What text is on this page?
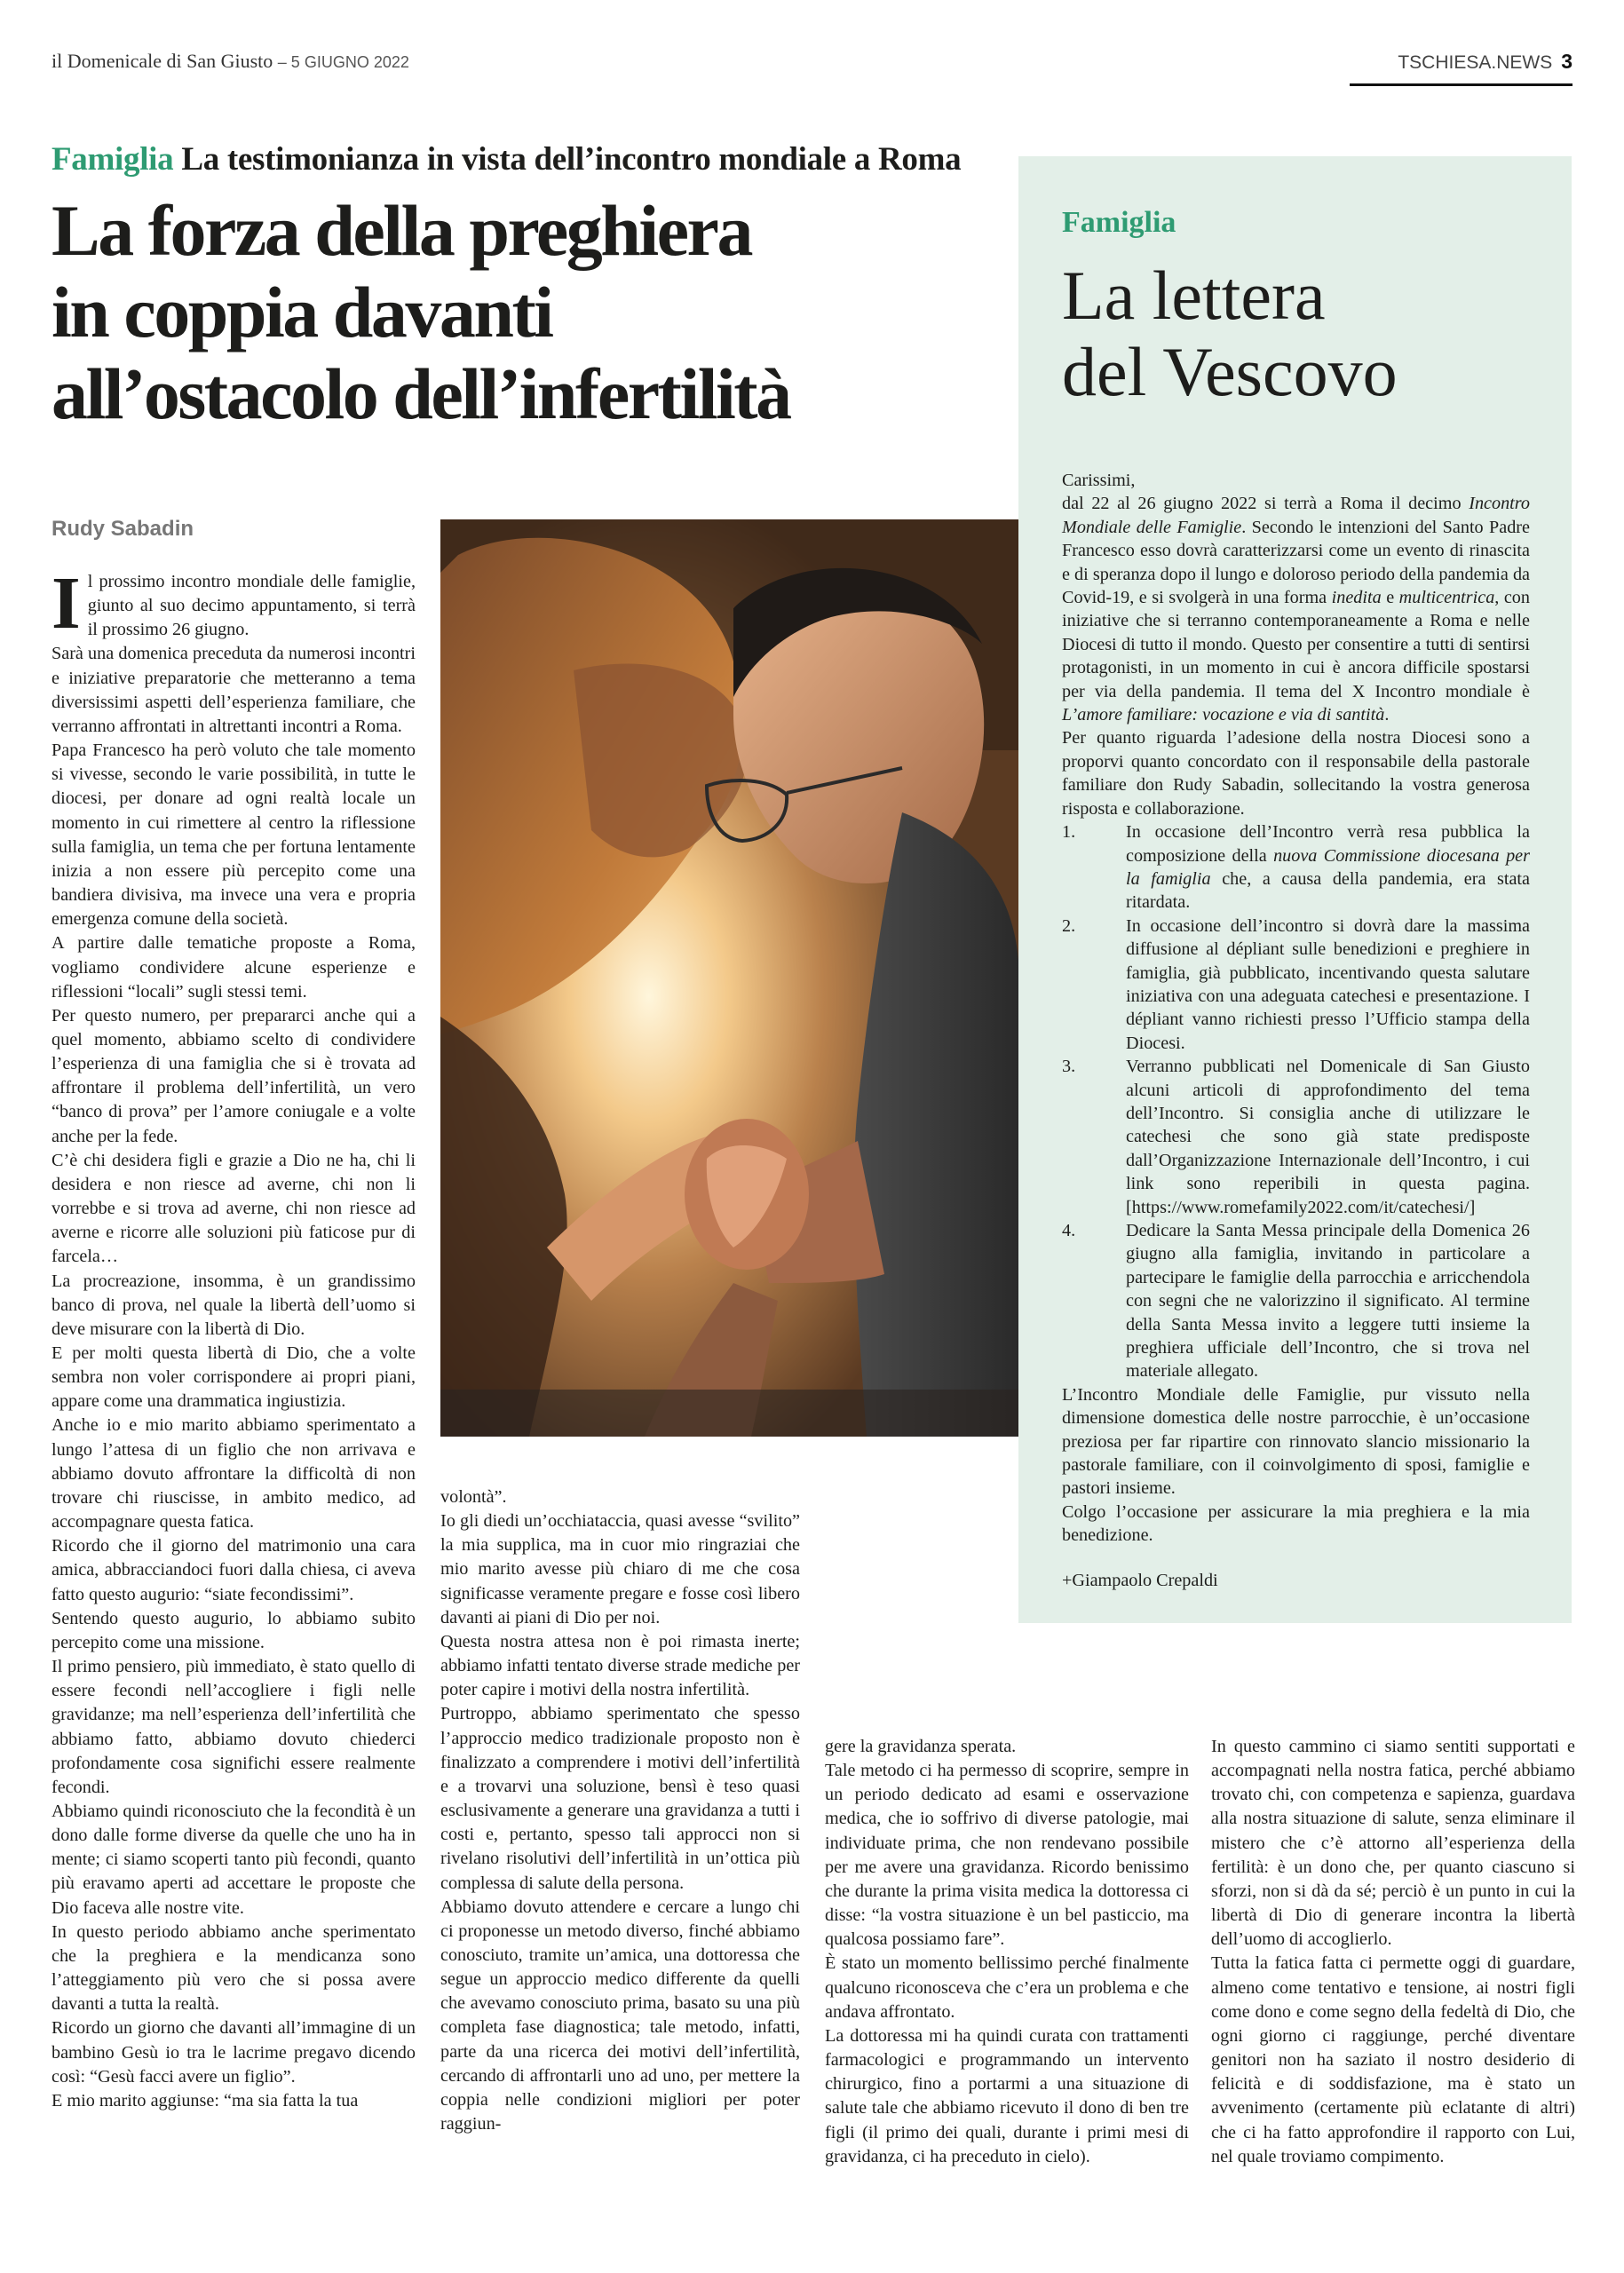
il Domenicale di San Giusto – 5 GIUGNO 2022	TSCHIESA.NEWS 3
Famiglia La testimonianza in vista dell’incontro mondiale a Roma
La forza della preghiera
in coppia davanti
all’ostacolo dell’infertilità
Rudy Sabadin
I l prossimo incontro mondiale delle famiglie, giunto al suo decimo appuntamento, si terrà il prossimo 26 giugno.

Sarà una domenica preceduta da numerosi incontri e iniziative preparatorie che metteranno a tema diversissimi aspetti dell’esperienza familiare, che verranno affrontati in altrettanti incontri a Roma.

Papa Francesco ha però voluto che tale momento si vivesse, secondo le varie possibilità, in tutte le diocesi, per donare ad ogni realtà locale un momento in cui rimettere al centro la riflessione sulla famiglia, un tema che per fortuna lentamente inizia a non essere più percepito come una bandiera divisiva, ma invece una vera e propria emergenza comune della società.

A partire dalle tematiche proposte a Roma, vogliamo condividere alcune esperienze e riflessioni “locali” sugli stessi temi.

Per questo numero, per prepararci anche qui a quel momento, abbiamo scelto di condividere l’esperienza di una famiglia che si è trovata ad affrontare il problema dell’infertilità, un vero “banco di prova” per l’amore coniugale e a volte anche per la fede.

C’è chi desidera figli e grazie a Dio ne ha, chi li desidera e non riesce ad averne, chi non li vorrebbe e si trova ad averne, chi non riesce ad averne e ricorre alle soluzioni più faticose pur di farcela…

La procreazione, insomma, è un grandissimo banco di prova, nel quale la libertà dell’uomo si deve misurare con la libertà di Dio.

E per molti questa libertà di Dio, che a volte sembra non voler corrispondere ai propri piani, appare come una drammatica ingiustizia.

Anche io e mio marito abbiamo sperimentato a lungo l’attesa di un figlio che non arrivava e abbiamo dovuto affrontare la difficoltà di non trovare chi riuscisse, in ambito medico, ad accompagnare questa fatica.

Ricordo che il giorno del matrimonio una cara amica, abbracciandoci fuori dalla chiesa, ci aveva fatto questo augurio: “siate fecondissimi”.

Sentendo questo augurio, lo abbiamo subito percepito come una missione.

Il primo pensiero, più immediato, è stato quello di essere fecondi nell’accogliere i figli nelle gravidanze; ma nell’esperienza dell’infertilità che abbiamo fatto, abbiamo dovuto chiederci profondamente cosa significhi essere realmente fecondi.

Abbiamo quindi riconosciuto che la fecondità è un dono dalle forme diverse da quelle che uno ha in mente; ci siamo scoperti tanto più fecondi, quanto più eravamo aperti ad accettare le proposte che Dio faceva alle nostre vite.

In questo periodo abbiamo anche sperimentato che la preghiera e la mendicanza sono l’atteggiamento più vero che si possa avere davanti a tutta la realtà.

Ricordo un giorno che davanti all’immagine di un bambino Gesù io tra le lacrime pregavo dicendo così: “Gesù facci avere un figlio”.

E mio marito aggiunse: “ma sia fatta la tua

volontà”.

Io gli diedi un’occhiataccia, quasi avesse “svilito” la mia supplica, ma in cuor mio ringraziai che mio marito avesse più chiaro di me che cosa significasse veramente pregare e fosse così libero davanti ai piani di Dio per noi.

Questa nostra attesa non è poi rimasta inerte; abbiamo infatti tentato diverse strade mediche per poter capire i motivi della nostra infertilità.

Purtroppo, abbiamo sperimentato che spesso l’approccio medico tradizionale proposto non è finalizzato a comprendere i motivi dell’infertilità e a trovarvi una soluzione, bensì è teso quasi esclusivamente a generare una gravidanza a tutti i costi e, pertanto, spesso tali approcci non si rivelano risolutivi dell’infertilità in un’ottica più complessa di salute della persona.

Abbiamo dovuto attendere e cercare a lungo chi ci proponesse un metodo diverso, finché abbiamo conosciuto, tramite un’amica, una dottoressa che segue un approccio medico differente da quelli che avevamo conosciuto prima, basato su una più completa fase diagnostica; tale metodo, infatti, parte da una ricerca dei motivi dell’infertilità, cercando di affrontarli uno ad uno, per mettere la coppia nelle condizioni migliori per poter raggiun-

gere la gravidanza sperata.

Tale metodo ci ha permesso di scoprire, sempre in un periodo dedicato ad esami e osservazione medica, che io soffrivo di diverse patologie, mai individuate prima, che non rendevano possibile per me avere una gravidanza. Ricordo benissimo che durante la prima visita medica la dottoressa ci disse: “la vostra situazione è un bel pasticcio, ma qualcosa possiamo fare”.

È stato un momento bellissimo perché finalmente qualcuno riconosceva che c’era un problema e che andava affrontato.

La dottoressa mi ha quindi curata con trattamenti farmacologici e programmando un intervento chirurgico, fino a portarmi a una situazione di salute tale che abbiamo ricevuto il dono di ben tre figli (il primo dei quali, durante i primi mesi di gravidanza, ci ha preceduto in cielo).

In questo cammino ci siamo sentiti supportati e accompagnati nella nostra fatica, perché abbiamo trovato chi, con competenza e sapienza, guardava alla nostra situazione di salute, senza eliminare il mistero che c’è attorno all’esperienza della fertilità: è un dono che, per quanto ciascuno si sforzi, non si dà da sé; perciò è un punto in cui la libertà di Dio di generare incontra la libertà dell’uomo di accoglierlo.

Tutta la fatica fatta ci permette oggi di guardare, almeno come tentativo e tensione, ai nostri figli come dono e come segno della fedeltà di Dio, che ogni giorno ci raggiunge, perché diventare genitori non ha saziato il nostro desiderio di felicità e di soddisfazione, ma è stato un avvenimento (certamente più eclatante di altri) che ci ha fatto approfondire il rapporto con Lui, nel quale troviamo compimento.

Famiglia
La lettera
del Vescovo

Carissimi,

dal 22 al 26 giugno 2022 si terrà a Roma il decimo Incontro Mondiale delle Famiglie. Secondo le intenzioni del Santo Padre Francesco esso dovrà caratterizzarsi come un evento di rinascita e di speranza dopo il lungo e doloroso periodo della pandemia da Covid-19, e si svolgerà in una forma inedita e multicentrica, con iniziative che si terranno contemporaneamente a Roma e nelle Diocesi di tutto il mondo. Questo per consentire a tutti di sentirsi protagonisti, in un momento in cui è ancora difficile spostarsi per via della pandemia. Il tema del X Incontro mondiale è L’amore familiare: vocazione e via di santità.

Per quanto riguarda l’adesione della nostra Diocesi sono a proporvi quanto concordato con il responsabile della pastorale familiare don Rudy Sabadin, sollecitando la vostra generosa risposta e collaborazione.

1.	In occasione dell’Incontro verrà resa pubblica la composizione della nuova Commissione diocesana per la famiglia che, a causa della pandemia, era stata ritardata.
2.	In occasione dell’incontro si dovrà dare la massima diffusione al dépliant sulle benedizioni e preghiere in famiglia, già pubblicato, incentivando questa salutare iniziativa con una adeguata catechesi e presentazione. I dépliant vanno richiesti presso l’Ufficio stampa della Diocesi.
3.	Verranno pubblicati nel Domenicale di San Giusto alcuni articoli di approfondimento del tema dell’Incontro. Si consiglia anche di utilizzare le catechesi che sono già state predisposte dall’Organizzazione Internazionale dell’Incontro, i cui link sono reperibili in questa pagina. [https://www.romefamily2022.com/it/catechesi/]
4.	Dedicare la Santa Messa principale della Domenica 26 giugno alla famiglia, invitando in particolare a partecipare le famiglie della parrocchia e arricchendola con segni che ne valorizzino il significato. Al termine della Santa Messa invito a leggere tutti insieme la preghiera ufficiale dell’Incontro, che si trova nel materiale allegato.

L’Incontro Mondiale delle Famiglie, pur vissuto nella dimensione domestica delle nostre parrocchie, è un’occasione preziosa per far ripartire con rinnovato slancio missionario la pastorale familiare, con il coinvolgimento di sposi, famiglie e pastori insieme.

Colgo l’occasione per assicurare la mia preghiera e la mia benedizione.

+Giampaolo Crepaldi
